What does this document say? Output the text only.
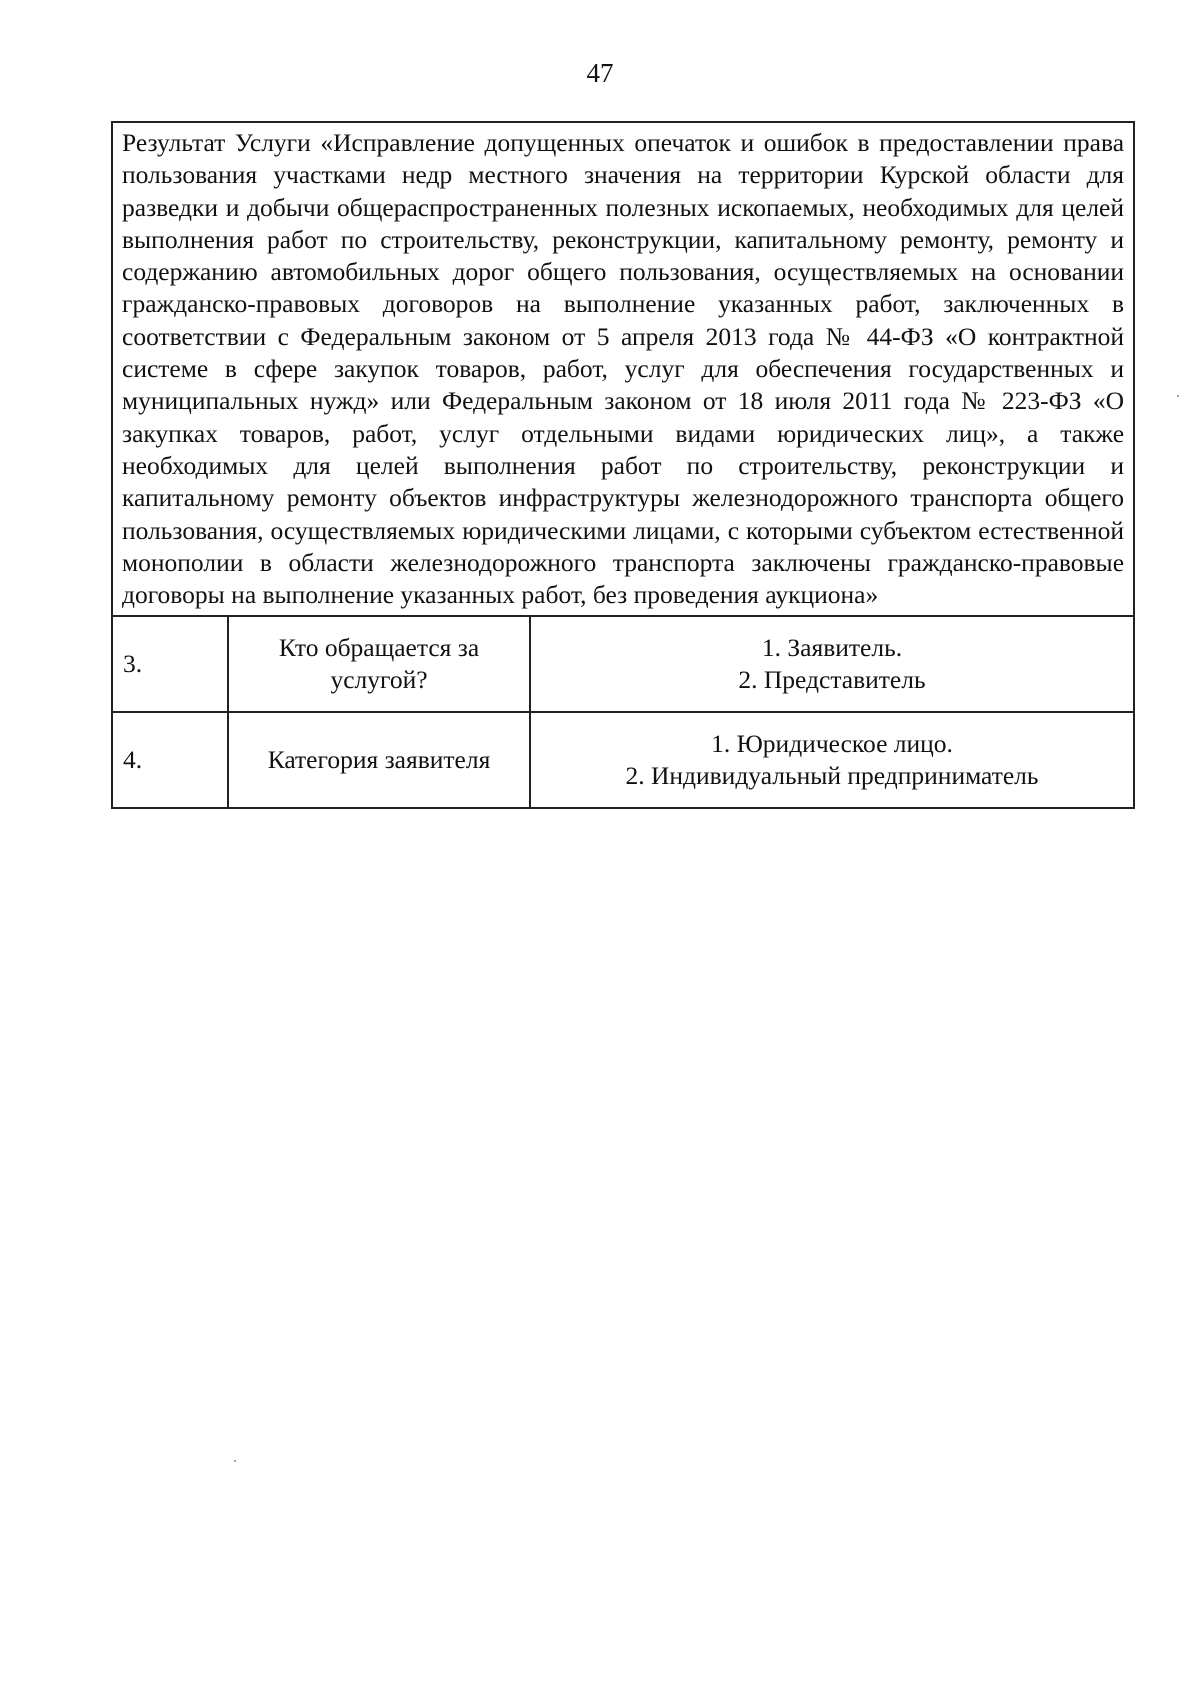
47
Результат Услуги «Исправление допущенных опечаток и ошибок в предоставлении права пользования участками недр местного значения на территории Курской области для разведки и добычи общераспространенных полезных ископаемых, необходимых для целей выполнения работ по строительству, реконструкции, капитальному ремонту, ремонту и содержанию автомобильных дорог общего пользования, осуществляемых на основании гражданско-правовых договоров на выполнение указанных работ, заключенных в соответствии с Федеральным законом от 5 апреля 2013 года № 44-ФЗ «О контрактной системе в сфере закупок товаров, работ, услуг для обеспечения государственных и муниципальных нужд» или Федеральным законом от 18 июля 2011 года № 223-ФЗ «О закупках товаров, работ, услуг отдельными видами юридических лиц», а также необходимых для целей выполнения работ по строительству, реконструкции и капитальному ремонту объектов инфраструктуры железнодорожного транспорта общего пользования, осуществляемых юридическими лицами, с которыми субъектом естественной монополии в области железнодорожного транспорта заключены гражданско-правовые договоры на выполнение указанных работ, без проведения аукциона»		
3.	Кто обращается за услугой?	1. Заявитель.
2. Представитель

4.	Категория заявителя	1. Юридическое лицо.
2. Индивидуальный предприниматель
